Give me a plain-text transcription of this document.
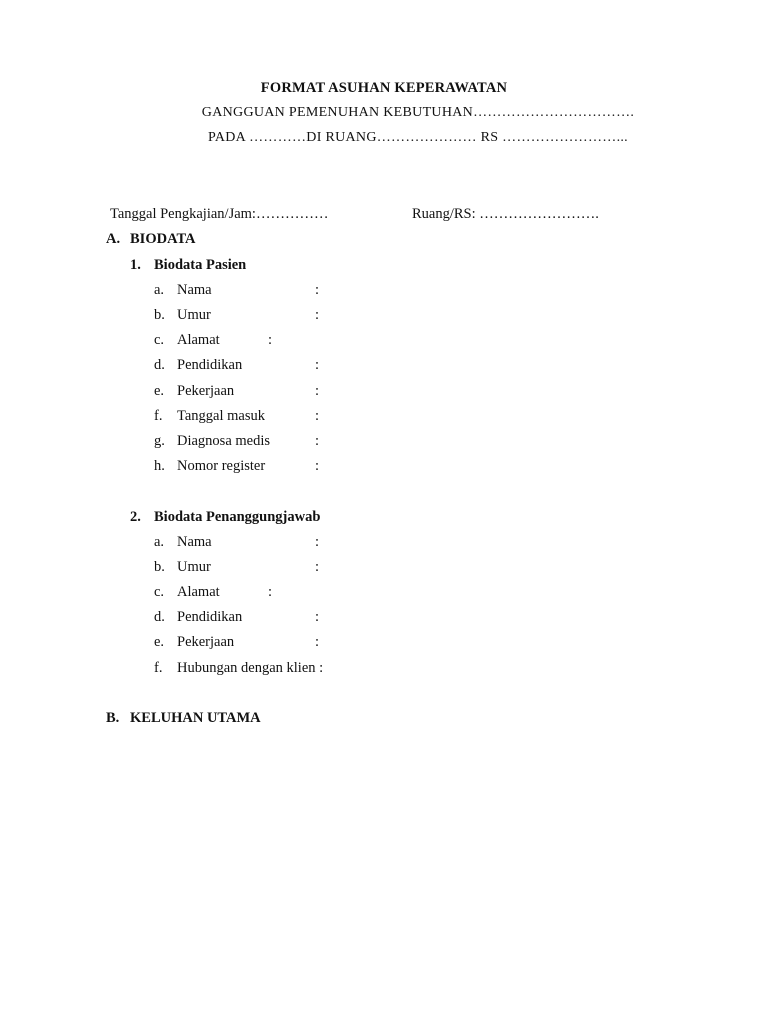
FORMAT ASUHAN KEPERAWATAN
GANGGUAN PEMENUHAN KEBUTUHAN…………………………….
PADA …………DI RUANG………………… RS ……………………...
Tanggal Pengkajian/Jam:……………	Ruang/RS: …………………….
A. BIODATA
1. Biodata Pasien
a. Nama	:
b. Umur	:
c. Alamat	:
d. Pendidikan	:
e. Pekerjaan	:
f. Tanggal masuk	:
g. Diagnosa medis	:
h. Nomor register	:
2. Biodata Penanggungjawab
a. Nama	:
b. Umur	:
c. Alamat	:
d. Pendidikan	:
e. Pekerjaan	:
f. Hubungan dengan klien :
B. KELUHAN UTAMA
